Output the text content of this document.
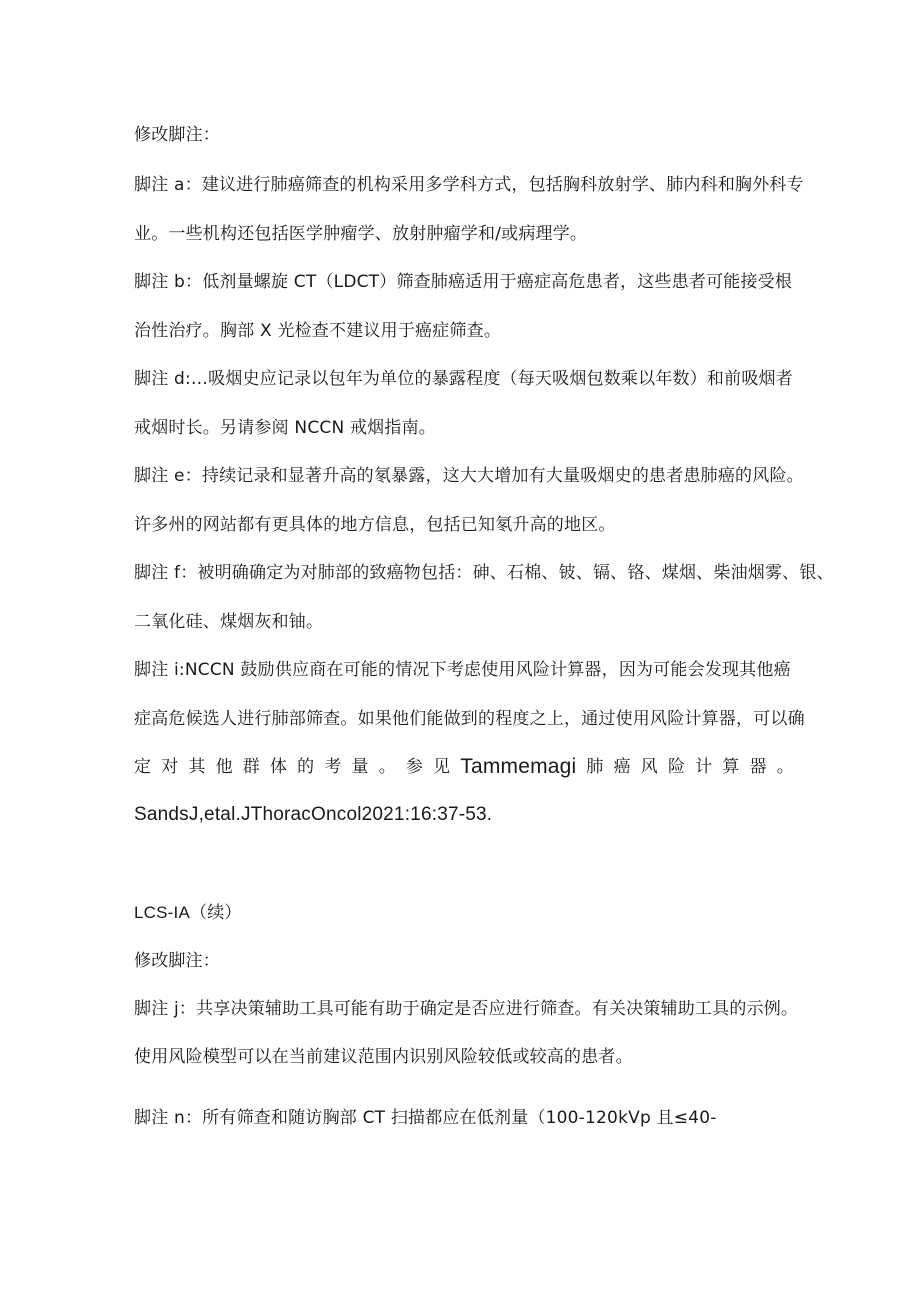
修改脚注：
脚注 a：建议进行肺癌筛查的机构采用多学科方式，包括胸科放射学、肺内科和胸外科专
业。一些机构还包括医学肿瘤学、放射肿瘤学和/或病理学。
脚注 b：低剂量螺旋 CT（LDCT）筛查肺癌适用于癌症高危患者，这些患者可能接受根
治性治疗。胸部 X 光检查不建议用于癌症筛查。
脚注 d:…吸烟史应记录以包年为单位的暴露程度（每天吸烟包数乘以年数）和前吸烟者
戒烟时长。另请参阅 NCCN 戒烟指南。
脚注 e：持续记录和显著升高的氡暴露，这大大增加有大量吸烟史的患者患肺癌的风险。
许多州的网站都有更具体的地方信息，包括已知氡升高的地区。
脚注 f：被明确确定为对肺部的致癌物包括：砷、石棉、铍、镉、铬、煤烟、柴油烟雾、银、
二氧化硅、煤烟灰和铀。
脚注 i:NCCN 鼓励供应商在可能的情况下考虑使用风险计算器，因为可能会发现其他癌
症高危候选人进行肺部筛查。如果他们能做到的程度之上，通过使用风险计算器，可以确
定 对 其 他 群 体 的 考 量 。 参 见 Tammemagi 肺 癌 风 险 计 算 器 。
SandsJ,etal.JThoracOncol2021:16:37-53.
LCS-IA（续）
修改脚注：
脚注 j：共享决策辅助工具可能有助于确定是否应进行筛查。有关决策辅助工具的示例。
使用风险模型可以在当前建议范围内识别风险较低或较高的患者。
脚注 n：所有筛查和随访胸部 CT 扫描都应在低剂量（100-120kVp 且≤40-
